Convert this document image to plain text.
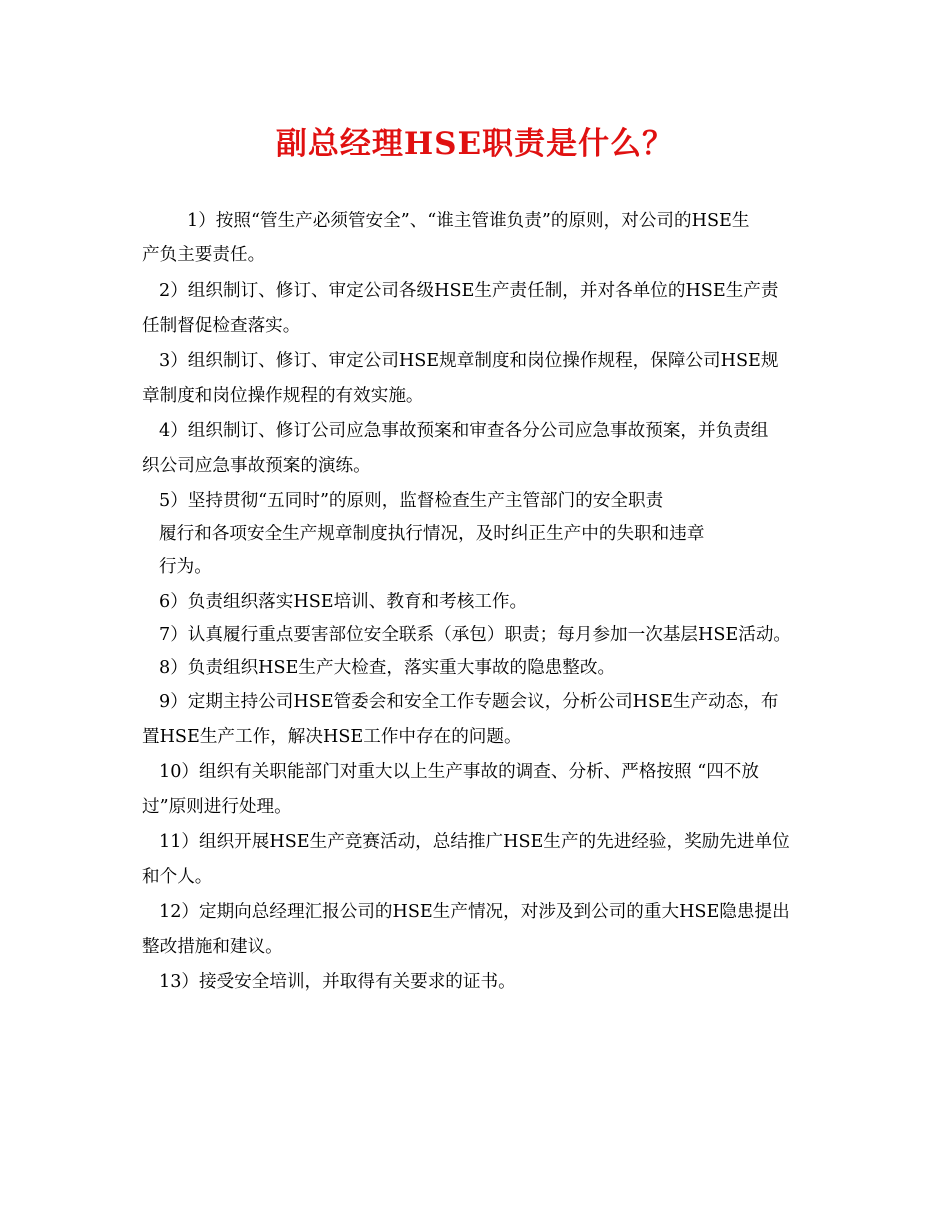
副总经理HSE职责是什么？
1）按照“管生产必须管安全”、“谁主管谁负责”的原则，对公司的HSE生
产负主要责任。
2）组织制订、修订、审定公司各级HSE生产责任制，并对各单位的HSE生产责
任制督促检查落实。
3）组织制订、修订、审定公司HSE规章制度和岗位操作规程，保障公司HSE规
章制度和岗位操作规程的有效实施。
4）组织制订、修订公司应急事故预案和审查各分公司应急事故预案，并负责组
织公司应急事故预案的演练。
5）坚持贯彻“五同时”的原则，监督检查生产主管部门的安全职责
履行和各项安全生产规章制度执行情况，及时纠正生产中的失职和违章
行为。
6）负责组织落实HSE培训、教育和考核工作。
7）认真履行重点要害部位安全联系（承包）职责；每月参加一次基层HSE活动。
8）负责组织HSE生产大检查，落实重大事故的隐患整改。
9）定期主持公司HSE管委会和安全工作专题会议，分析公司HSE生产动态，布
置HSE生产工作，解决HSE工作中存在的问题。
10）组织有关职能部门对重大以上生产事故的调查、分析、严格按照 “四不放
过”原则进行处理。
11）组织开展HSE生产竞赛活动，总结推广HSE生产的先进经验，奖励先进单位
和个人。
12）定期向总经理汇报公司的HSE生产情况，对涉及到公司的重大HSE隐患提出
整改措施和建议。
13）接受安全培训，并取得有关要求的证书。
